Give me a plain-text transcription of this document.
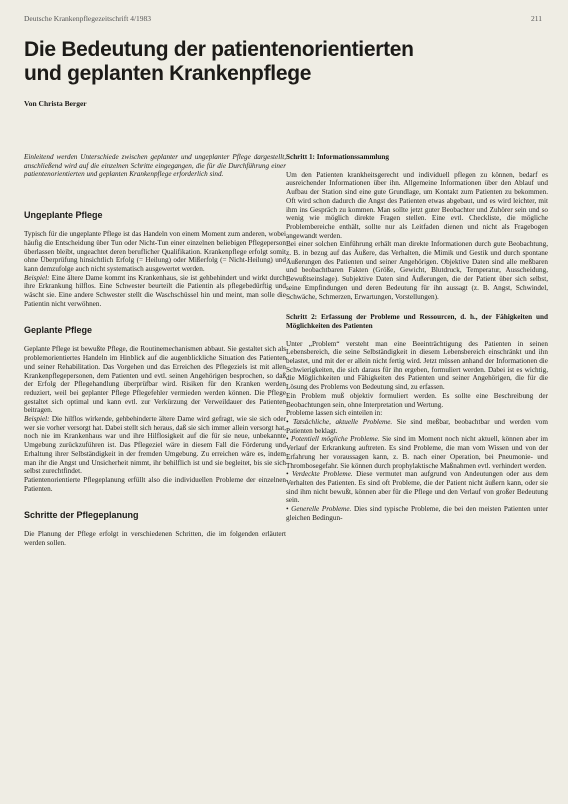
Deutsche Krankenpflegezeitschrift 4/1983	211
Die Bedeutung der patientenorientierten
und geplanten Krankenpflege
Von Christa Berger

Einleitend werden Unterschiede zwischen geplanter und ungeplanter Pflege dargestellt, anschließend wird auf die einzelnen Schritte eingegangen, die für die Durchführung einer patientenorientierten und geplanten Krankenpflege erforderlich sind.

Ungeplante Pflege

Typisch für die ungeplante Pflege ist das Handeln von einem Moment zum anderen, wobei häufig die Entscheidung über Tun oder Nicht-Tun einer einzelnen beliebigen Pflegeperson überlassen bleibt, ungeachtet deren beruflicher Qualifikation. Krankenpflege erfolgt somit ohne Überprüfung hinsichtlich Erfolg (= Heilung) oder Mißerfolg (= Nicht-Heilung) und kann demzufolge auch nicht systematisch ausgewertet werden.

Beispiel: Eine ältere Dame kommt ins Krankenhaus, sie ist gehbehindert und wirkt durch ihre Erkrankung hilflos. Eine Schwester beurteilt die Patientin als pflegebedürftig und wäscht sie. Eine andere Schwester stellt die Waschschüssel hin und meint, man solle die Patientin nicht verwöhnen.

Geplante Pflege

Geplante Pflege ist bewußte Pflege, die Routinemechanismen abbaut. Sie gestaltet sich als problemorientiertes Handeln im Hinblick auf die augenblickliche Situation des Patienten und seiner Rehabilitation. Das Vorgehen und das Erreichen des Pflegeziels ist mit allen Krankenpflegepersonen, dem Patienten und evtl. seinen Angehörigen besprochen, so daß der Erfolg der Pflegehandlung überprüfbar wird. Risiken für den Kranken werden reduziert, weil bei geplanter Pflege Pflegefehler vermieden werden können. Die Pflege gestaltet sich optimal und kann evtl. zur Verkürzung der Verweildauer des Patienten beitragen.

Beispiel: Die hilflos wirkende, gehbehinderte ältere Dame wird gefragt, wie sie sich oder wer sie vorher versorgt hat. Dabei stellt sich heraus, daß sie sich immer allein versorgt hat, noch nie im Krankenhaus war und ihre Hilflosigkeit auf die für sie neue, unbekannte Umgebung zurückzuführen ist. Das Pflegeziel wäre in diesem Fall die Förderung und Erhaltung ihrer Selbständigkeit in der fremden Umgebung. Zu erreichen wäre es, indem man ihr die Angst und Unsicherheit nimmt, ihr behilflich ist und sie begleitet, bis sie sich selbst zurechtfindet.

Patientenorientierte Pflegeplanung erfüllt also die individuellen Probleme der einzelnen Patienten.

Schritte der Pflegeplanung

Die Planung der Pflege erfolgt in verschiedenen Schritten, die im folgenden erläutert werden sollen.

Schritt 1: Informationssammlung

Um den Patienten krankheitsgerecht und individuell pflegen zu können, bedarf es ausreichender Informationen über ihn. Allgemeine Informationen über den Ablauf und Aufbau der Station sind eine gute Grundlage, um Kontakt zum Patienten zu bekommen. Oft wird schon dadurch die Angst des Patienten etwas abgebaut, und es wird leichter, mit ihm ins Gespräch zu kommen. Man sollte jetzt guter Beobachter und Zuhörer sein und so wenig wie möglich direkte Fragen stellen. Eine evtl. Checkliste, die mögliche Problembereiche enthält, sollte nur als Leitfaden dienen und nicht als Fragebogen angewandt werden.

Bei einer solchen Einführung erhält man direkte Informationen durch gute Beobachtung, z. B. in bezug auf das Äußere, das Verhalten, die Mimik und Gestik und durch spontane Äußerungen des Patienten und seiner Angehörigen. Objektive Daten sind alle meßbaren und beobachtbaren Fakten (Größe, Gewicht, Blutdruck, Temperatur, Ausscheidung, Bewußtseinslage). Subjektive Daten sind Äußerungen, die der Patient über sich selbst, seine Empfindungen und deren Bedeutung für ihn aussagt (z. B. Angst, Schwindel, Schwäche, Schmerzen, Erwartungen, Vorstellungen).

Schritt 2: Erfassung der Probleme und Ressourcen, d. h., der Fähigkeiten und Möglichkeiten des Patienten

Unter „Problem“ versteht man eine Beeinträchtigung des Patienten in seinen Lebensbereich, die seine Selbständigkeit in diesem Lebensbereich einschränkt und ihn belastet, und mit der er allein nicht fertig wird. Jetzt müssen anhand der Informationen die Schwierigkeiten, die sich daraus für ihn ergeben, formuliert werden. Dabei ist es wichtig, die Möglichkeiten und Fähigkeiten des Patienten und seiner Angehörigen, die für die Lösung des Problems von Bedeutung sind, zu erfassen.

Ein Problem muß objektiv formuliert werden. Es sollte eine Beschreibung der Beobachtungen sein, ohne Interpretation und Wertung.

Probleme lassen sich einteilen in:

• Tatsächliche, aktuelle Probleme. Sie sind meßbar, beobachtbar und werden vom Patienten beklagt.

• Potentiell mögliche Probleme. Sie sind im Moment noch nicht aktuell, können aber im Verlauf der Erkrankung auftreten. Es sind Probleme, die man vom Wissen und von der Erfahrung her voraussagen kann, z. B. nach einer Operation, bei Pneumonie- und Thrombosegefahr. Sie können durch prophylaktische Maßnahmen evtl. verhindert werden.

• Verdeckte Probleme. Diese vermutet man aufgrund von Andeutungen oder aus dem Verhalten des Patienten. Es sind oft Probleme, die der Patient nicht äußern kann, oder sie sind ihm nicht bewußt, können aber für die Pflege und den Verlauf von großer Bedeutung sein.

• Generelle Probleme. Dies sind typische Probleme, die bei den meisten Patienten unter gleichen Bedingun-
